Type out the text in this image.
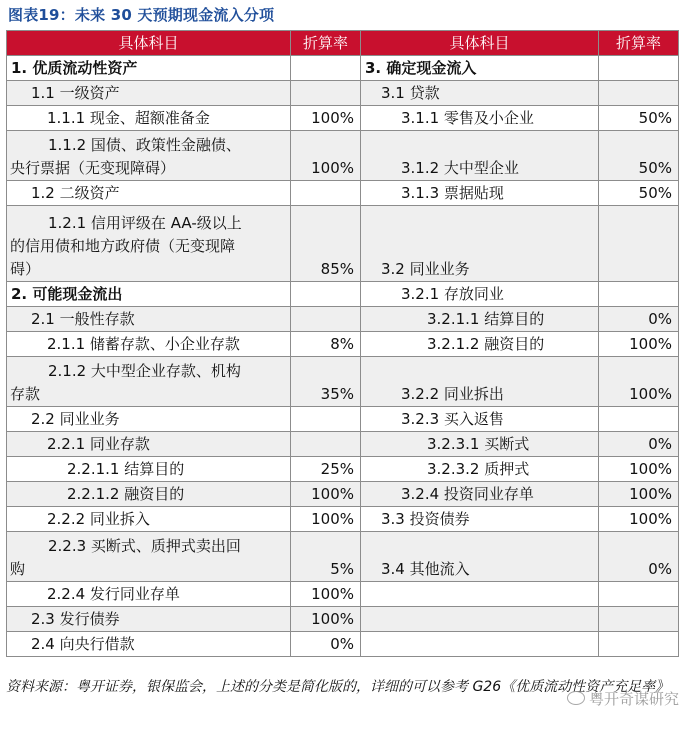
图表19：未来 30 天预期现金流入分项
具体科目	折算率	具体科目	折算率
1. 优质流动性资产		3. 确定现金流入	
1.1 一级资产		3.1 贷款	
1.1.1 现金、超额准备金	100%	3.1.1 零售及小企业	50%

1.1.2 国债、政策性金融债、
央行票据（无变现障碍）	100%	3.1.2 大中型企业	50%
1.2 二级资产		3.1.3 票据贴现	50%

1.2.1 信用评级在 AA-级以上
的信用债和地方政府债（无变现障
碍）	85%	3.2 同业业务	
2. 可能现金流出		3.2.1 存放同业	
2.1 一般性存款		3.2.1.1 结算目的	0%
2.1.1 储蓄存款、小企业存款	8%	3.2.1.2 融资目的	100%

2.1.2 大中型企业存款、机构
存款	35%	3.2.2 同业拆出	100%
2.2 同业业务		3.2.3 买入返售	
2.2.1 同业存款		3.2.3.1 买断式	0%
2.2.1.1 结算目的	25%	3.2.3.2 质押式	100%
2.2.1.2 融资目的	100%	3.2.4 投资同业存单	100%
2.2.2 同业拆入	100%	3.3 投资债券	100%

2.2.3 买断式、质押式卖出回
购	5%	3.4 其他流入	0%
2.2.4 发行同业存单	100%		
2.3 发行债券	100%		
2.4 向央行借款	0%		
资料来源：粤开证券，银保监会，上述的分类是简化版的，详细的可以参考 G26《优质流动性资产充足率》
粤开奇谋研究
